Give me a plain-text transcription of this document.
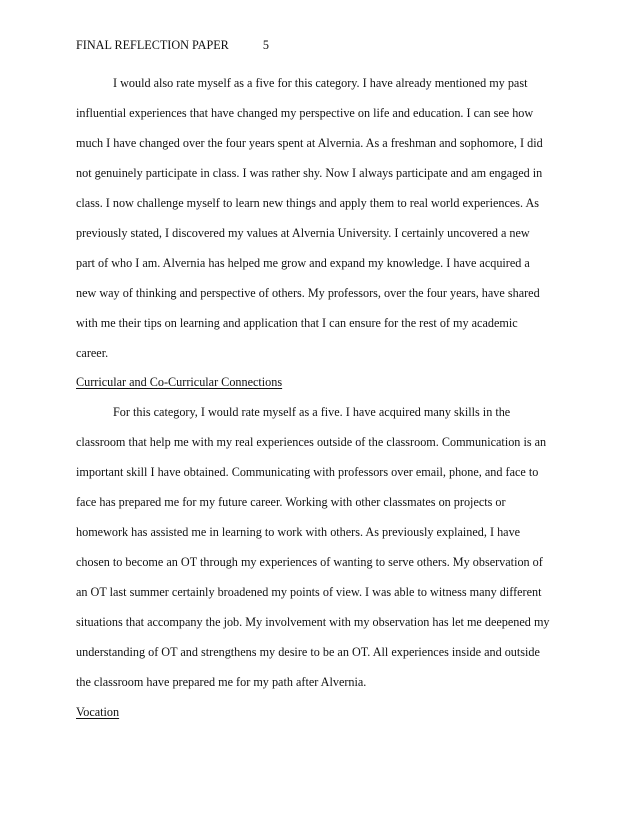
FINAL REFLECTION PAPER	5
I would also rate myself as a five for this category. I have already mentioned my past
influential experiences that have changed my perspective on life and education. I can see how
much I have changed over the four years spent at Alvernia. As a freshman and sophomore, I did
not genuinely participate in class. I was rather shy. Now I always participate and am engaged in
class. I now challenge myself to learn new things and apply them to real world experiences. As
previously stated, I discovered my values at Alvernia University. I certainly uncovered a new
part of who I am. Alvernia has helped me grow and expand my knowledge. I have acquired a
new way of thinking and perspective of others. My professors, over the four years, have shared
with me their tips on learning and application that I can ensure for the rest of my academic
career.
Curricular and Co-Curricular Connections
For this category, I would rate myself as a five. I have acquired many skills in the
classroom that help me with my real experiences outside of the classroom. Communication is an
important skill I have obtained. Communicating with professors over email, phone, and face to
face has prepared me for my future career. Working with other classmates on projects or
homework has assisted me in learning to work with others. As previously explained, I have
chosen to become an OT through my experiences of wanting to serve others. My observation of
an OT last summer certainly broadened my points of view. I was able to witness many different
situations that accompany the job. My involvement with my observation has let me deepened my
understanding of OT and strengthens my desire to be an OT. All experiences inside and outside
the classroom have prepared me for my path after Alvernia.
Vocation
